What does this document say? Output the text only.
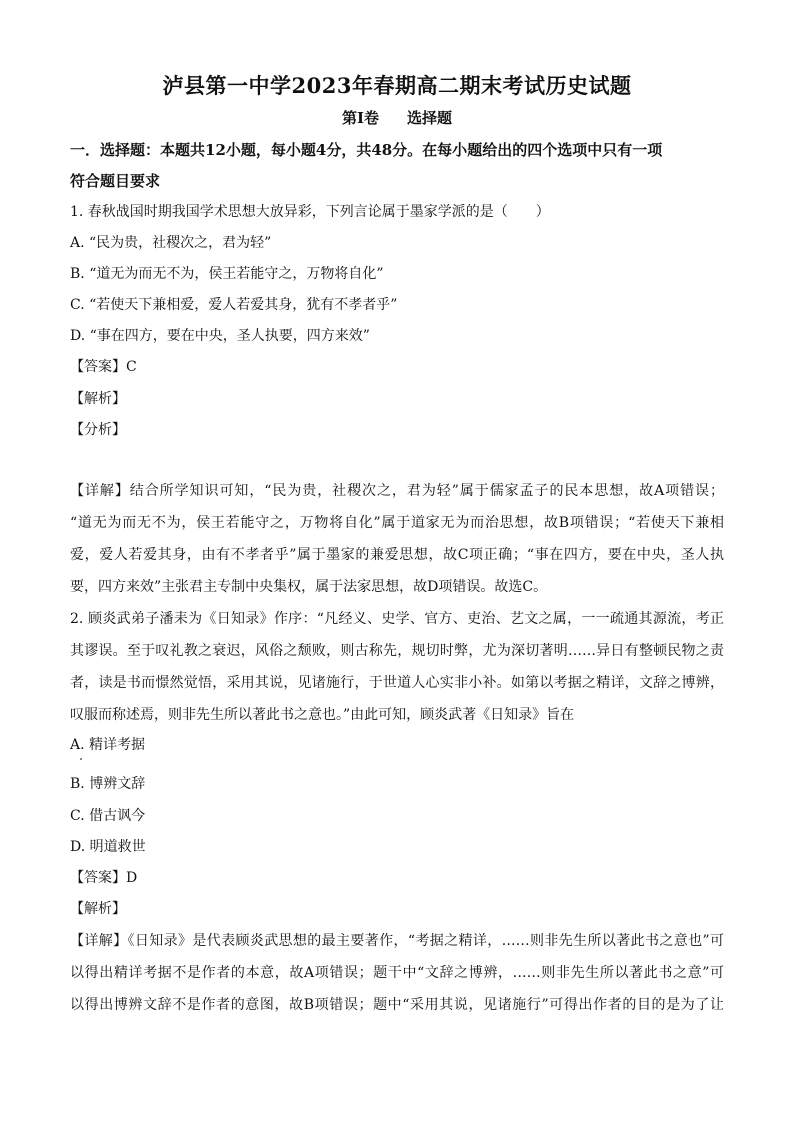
泸县第一中学2023年春期高二期末考试历史试题
第I卷 选择题
一．选择题：本题共12小题，每小题4分，共48分。在每小题给出的四个选项中只有一项
符合题目要求
1. 春秋战国时期我国学术思想大放异彩，下列言论属于墨家学派的是（　　）
A. “民为贵，社稷次之，君为轻”
B. “道无为而无不为，侯王若能守之，万物将自化”
C. “若使天下兼相爱，爱人若爱其身，犹有不孝者乎”
D. “事在四方，要在中央，圣人执要，四方来效”
【答案】C
【解析】
【分析】
【详解】结合所学知识可知，“民为贵，社稷次之，君为轻”属于儒家孟子的民本思想，故A项错误；
“道无为而无不为，侯王若能守之，万物将自化”属于道家无为而治思想，故B项错误；“若使天下兼相
爱，爱人若爱其身，由有不孝者乎”属于墨家的兼爱思想，故C项正确；“事在四方，要在中央，圣人执
要，四方来效”主张君主专制中央集权，属于法家思想，故D项错误。故选C。
2. 顾炎武弟子潘耒为《日知录》作序：“凡经义、史学、官方、吏治、艺文之属，一一疏通其源流，考正
其谬误。至于叹礼教之衰迟，风俗之颓败，则古称先，规切时弊，尤为深切著明……异日有整顿民物之责
者，读是书而憬然觉悟，采用其说，见诸施行，于世道人心实非小补。如第以考据之精详，文辞之博辨，
叹服而称述焉，则非先生所以著此书之意也。”由此可知，顾炎武著《日知录》旨在
A. 精详考据
B. 博辨文辞
C. 借古讽今
D. 明道救世
【答案】D
【解析】
【详解】《日知录》是代表顾炎武思想的最主要著作，“考据之精详，……则非先生所以著此书之意也”可
以得出精详考据不是作者的本意，故A项错误；题干中“文辞之博辨，……则非先生所以著此书之意”可
以得出博辨文辞不是作者的意图，故B项错误；题中“采用其说，见诸施行”可得出作者的目的是为了让
